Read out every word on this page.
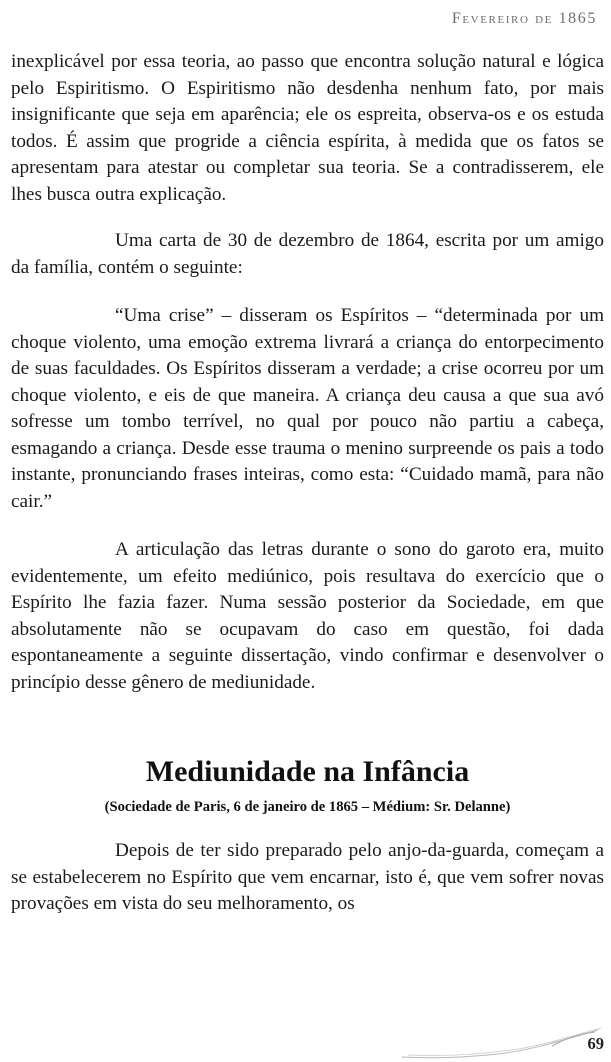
Fevereiro de 1865

inexplicável por essa teoria, ao passo que encontra solução natural e lógica pelo Espiritismo. O Espiritismo não desdenha nenhum fato, por mais insignificante que seja em aparência; ele os espreita, observa-os e os estuda todos. É assim que progride a ciência espírita, à medida que os fatos se apresentam para atestar ou completar sua teoria. Se a contradisserem, ele lhes busca outra explicação.

Uma carta de 30 de dezembro de 1864, escrita por um amigo da família, contém o seguinte:

“Uma crise” – disseram os Espíritos – “determinada por um choque violento, uma emoção extrema livrará a criança do entorpecimento de suas faculdades. Os Espíritos disseram a verdade; a crise ocorreu por um choque violento, e eis de que maneira. A criança deu causa a que sua avó sofresse um tombo terrível, no qual por pouco não partiu a cabeça, esmagando a criança. Desde esse trauma o menino surpreende os pais a todo instante, pronunciando frases inteiras, como esta: “Cuidado mamã, para não cair.”

A articulação das letras durante o sono do garoto era, muito evidentemente, um efeito mediúnico, pois resultava do exercício que o Espírito lhe fazia fazer. Numa sessão posterior da Sociedade, em que absolutamente não se ocupavam do caso em questão, foi dada espontaneamente a seguinte dissertação, vindo confirmar e desenvolver o princípio desse gênero de mediunidade.

Mediunidade na Infância
(Sociedade de Paris, 6 de janeiro de 1865 – Médium: Sr. Delanne)

Depois de ter sido preparado pelo anjo-da-guarda, começam a se estabelecerem no Espírito que vem encarnar, isto é, que vem sofrer novas provações em vista do seu melhoramento, os

69
